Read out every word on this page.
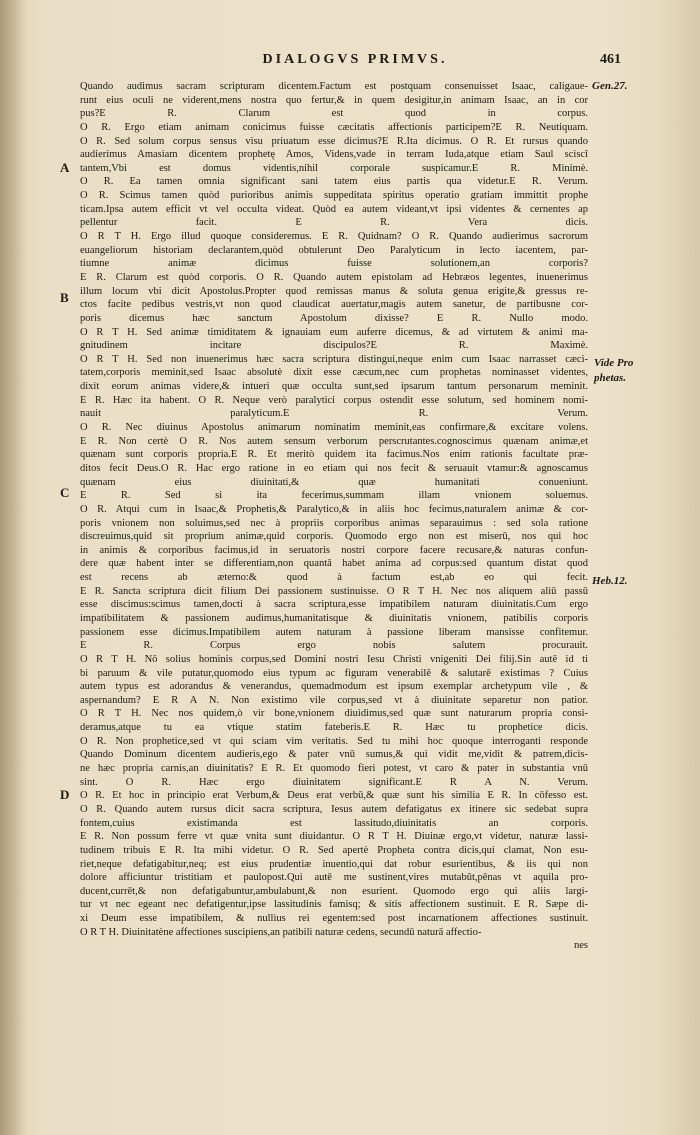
DIALOGVS PRIMVS.	461
Gen.27.
Vide Pro
phetas.
Heb.12.
A
B
C
D
Quando audimus sacram scripturam dicentem.Factum est postquam consenuisset Isaac, caligaue-
runt eius oculi ne viderent,mens nostra quo fertur,& in quem desigitur,in animam Isaac, an in cor
pus?E R. Clarum est quod in corpus.
O R. Ergo etiam animam conicimus fuisse cæcitatis affectionis participem?E R. Neutiquam.
O R. Sed solum corpus sensus visu priuatum esse dicimus?E R.Ita dicimus. O R. Et rursus quando
audierimus Amasiam dicentem prophetę Amos, Videns,vade in terram Iuda,atque etiam Saul sciscī
tantem,Vbi est domus videntis,nihil corporale suspicamur.E R. Minimè.
O R. Ea tamen omnia significant sani tatem eius partis qua videtur.E R. Verum.
O R. Scimus tamen quòd purioribus animis suppeditata spiritus operatio gratiam immittit prophe
ticam.Ipsa autem efficit vt vel occulta videat. Quòd ea autem videant,vt ipsi videntes & cernentes ap
pellentur facit. E R. Vera dicis.
O R T H. Ergo illud quoque consideremus. E R. Quidnam? O R. Quando audierimus sacrorum
euangeliorum historiam declarantem,quòd obtulerunt Deo Paralyticum in lecto iacentem, par-
tiumne animæ dicimus fuisse solutionem,an corporis?
E R. Clarum est quòd corporis. O R. Quando autem epistolam ad Hebræos legentes, inuenerimus
illum locum vbi dicit Apostolus.Propter quod remissas manus & soluta genua erigite,& gressus re-
ctos facite pedibus vestris,vt non quod claudicat auertatur,magis autem sanetur, de partibusne cor-
poris dicemus hæc sanctum Apostolum dixisse? E R. Nullo modo.
O R T H. Sed animæ timiditatem & ignauiam eum auferre dicemus, & ad virtutem & animi ma-
gnitudinem incitare discipulos?E R. Maximè.
O R T H. Sed non inuenerimus hæc sacra scriptura distingui,neque enim cum Isaac narrasset cæci-
tatem,corporis meminit,sed Isaac absolutè dixit esse cæcum,nec cum prophetas nominasset videntes,
dixit eorum animas videre,& intueri quæ occulta sunt,sed ipsarum tantum personarum meminit.
E R. Hæc ita habent. O R. Neque verò paralytici corpus ostendit esse solutum, sed hominem nomi-
nauit paralyticum.E R. Verum.
O R. Nec diuinus Apostolus animarum nominatim meminit,eas confirmare,& excitare volens.
E R. Non certè O R. Nos autem sensum verborum perscrutantes.cognoscimus quænam animæ,et
quænam sunt corporis propria.E R. Et meritò quidem ita facimus.Nos enim rationis facultate præ-
ditos fecit Deus.O R. Hac ergo ratione in eo etiam qui nos fecit & seruauit vtamur:& agnoscamus
quænam eius diuinitati,& quæ humanitati conueniunt.
E R. Sed si ita fecerimus,summam illam vnionem soluemus.
O R. Atqui cum in Isaac,& Prophetis,& Paralytico,& in aliis hoc fecimus,naturalem animæ & cor-
poris vnionem non soluimus,sed nec à propriis corporibus animas separauimus : sed sola ratione
discreuimus,quid sit proprium animæ,quid corporis. Quomodo ergo non est miserū, nos qui hoc
in animis & corporibus facimus,id in seruatoris nostri corpore facere recusare,& naturas confun-
dere quæ habent inter se differentiam,non quantā habet anima ad corpus:sed quantum distat quod
est recens ab æterno:& quod à factum est,ab eo qui fecit.
E R. Sancta scriptura dicit filium Dei passionem sustinuisse. O R T H. Nec nos aliquem aliū passū
esse discimus:scimus tamen,docti à sacra scriptura,esse impatibilem naturam diuinitatis.Cum ergo
impatibilitatem & passionem audimus,humanitatisque & diuinitatis vnionem, patibilis corporis
passionem esse dicimus.Impatibilem autem naturam à passione liberam mansisse confitemur.
E R. Corpus ergo nobis salutem procurauit.
O R T H. Nō solius hominis corpus,sed Domini nostri Iesu Christi vnigeniti Dei filij.Sin autē id ti
bi paruum & vile putatur,quomodo eius typum ac figuram venerabilē & salutarē existimas ? Cuius
autem typus est adorandus & venerandus, quemadmodum est ipsum exemplar archetypum vile , &
aspernandum? E R A N. Non existimo vile corpus,sed vt à diuinitate separetur non patior.
O R T H. Nec nos quidem,ò vir bone,vnionem diuidimus,sed quæ sunt naturarum propria consi-
deramus,atque tu ea vtique statim fateberis.E R. Hæc tu prophetice dicis.
O R. Non prophetice,sed vt qui sciam vim veritatis. Sed tu mihi hoc quoque interroganti responde
Quando Dominum dicentem audieris,ego & pater vnū sumus,& qui vidit me,vidit & patrem,dicis-
ne hæc propria carnis,an diuinitatis? E R. Et quomodo fieri potest, vt caro & pater in substantia vnū
sint. O R. Hæc ergo diuinitatem significant.E R A N. Verum.
O R. Et hoc in principio erat Verbum,& Deus erat verbū,& quæ sunt his similia E R. In cōfesso est.
O R. Quando autem rursus dicit sacra scriptura, Iesus autem defatigatus ex itinere sic sedebat supra
fontem,cuius existimanda est lassitudo,diuinitatis an corporis.
E R. Non possum ferre vt quæ vnita sunt diuidantur. O R T H. Diuinæ ergo,vt videtur, naturæ lassi-
tudinem tribuis E R. Ita mihi videtur. O R. Sed apertè Propheta contra dicis,qui clamat, Non esu-
riet,neque defatigabitur,neq; est eius prudentiæ inuentio,qui dat robur esurientibus, & iis qui non
dolore afficiuntur tristitiam et paulopost.Qui autē me sustinent,vires mutabūt,pēnas vt aquila pro-
ducent,currēt,& non defatigabuntur,ambulabunt,& non esurient. Quomodo ergo qui aliis largi-
tur vt nec egeant nec defatigentur,ipse lassitudinis famisq; & sitis affectionem sustinuit. E R. Sæpe di-
xi Deum esse impatibilem, & nullius rei egentem:sed post incarnationem affectiones sustinuit.
O R T H. Diuinitatène affectiones suscipiens,an patibili naturæ cedens, secundū naturā affectio-
nes
